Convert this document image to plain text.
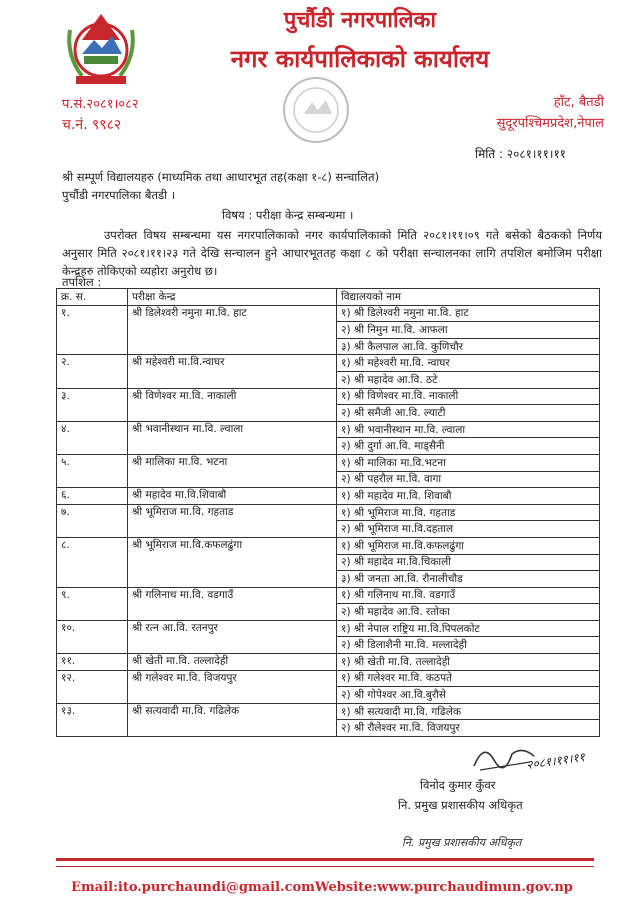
पुर्चौडी नगरपालिका
नगर कार्यपालिकाको कार्यालय
प.सं.२०८१।०८२
च.नं. ९९८२
हाँट, बैतडी
सुदूरपश्चिमप्रदेश,नेपाल
मिति : २०८१।११।११
श्री सम्पूर्ण विद्यालयहरु (माध्यमिक तथा आधारभूत तह(कक्षा १-८) सन्चालित)
पुर्चौडी नगरपालिका बैतडी ।
विषय : परीक्षा केन्द्र सम्बन्धमा ।
उपरोक्त विषय सम्बन्धमा यस नगरपालिकाको नगर कार्यपालिकाको मिति २०८१।११।०९ गते बसेको बैठकको निर्णय अनुसार मिति २०८१।११।२३ गते देखि सन्चालन हुने आधारभूततह कक्षा ८ को परीक्षा सन्चालनका लागि तपशिल बमोजिम परीक्षा केन्द्रहरु तोकिएको व्यहोरा अनुरोध छ।
तपशिल :
क्र. स.	परीक्षा केन्द्र	विद्यालयको नाम
१.	श्री डिलेश्वरी नमुना मा.वि. हाट	१) श्री डिलेश्वरी नमुना मा.वि. हाट
		२) श्री निमुन मा.वि. आफला
		३) श्री कैलपाल आ.वि. कुणिचौर
२.	श्री महेश्वरी मा.वि.न्वाघर	१) श्री महेश्वरी मा.वि. न्वाघर
		२) श्री महादेव आ.वि. ठटे
३.	श्री विणेश्वर मा.वि. नाकाली	१) श्री विणेश्वर मा.वि. नाकाली
		२) श्री समैजी आ.वि. ल्याटी
४.	श्री भवानीस्थान मा.वि. ल्वाला	१) श्री भवानीस्थान मा.वि. ल्वाला
		२) श्री दुर्गा आ.वि. माड्सैनी
५.	श्री मालिका मा.वि. भटना	१) श्री मालिका मा.वि.भटना
		२) श्री पहरौल मा.वि. वागा
६.	श्री महादेव मा.वि.शिवाबौ	१) श्री महादेव मा.वि. शिवाबौ
७.	श्री भूमिराज मा.वि. गहताड	१) श्री भूमिराज मा.वि. गहताड
		२) श्री भूमिराज मा.वि.दहताल
८.	श्री भूमिराज मा.वि.कफलढुंगा	१) श्री भूमिराज मा.वि.कफलढुंगा
		२) श्री महादेव मा.वि.चिकाली
		३) श्री जनता आ.वि. रौनालीचौड
९.	श्री गलिनाथ मा.वि. वडगाउँ	१) श्री गलिनाथ मा.वि. वडगाउँ
		२) श्री महादेव आ.वि. रतोका
१०.	श्री रत्न आ.वि. रतनपुर	१) श्री नेपाल राष्ट्रिय मा.वि.पिपलकोट
		२) श्री डिलाशैनी मा.वि. मल्लादेही
११.	श्री खेती मा.वि. तल्लादेही	१) श्री खेती मा.वि. तल्लादेही
१२.	श्री गलेश्वर मा.वि. विजयपुर	१) श्री गलेश्वर मा.वि. कठपते
		२) श्री गोपेश्वर आ.वि.बुरौसे
१३.	श्री सत्यवादी मा.वि. गढिलेक	१) श्री सत्यवादी मा.वि. गढिलेक
		२) श्री रौलेश्वर मा.वि. विजयपुर
२०८१।११।११
विनोद कुमार कुँवर
नि. प्रमुख प्रशासकीय अधिकृत
नि. प्रमुख प्रशासकीय अधिकृत
Email:ito.purchaundi@gmail.comWebsite:www.purchaudimun.gov.np
